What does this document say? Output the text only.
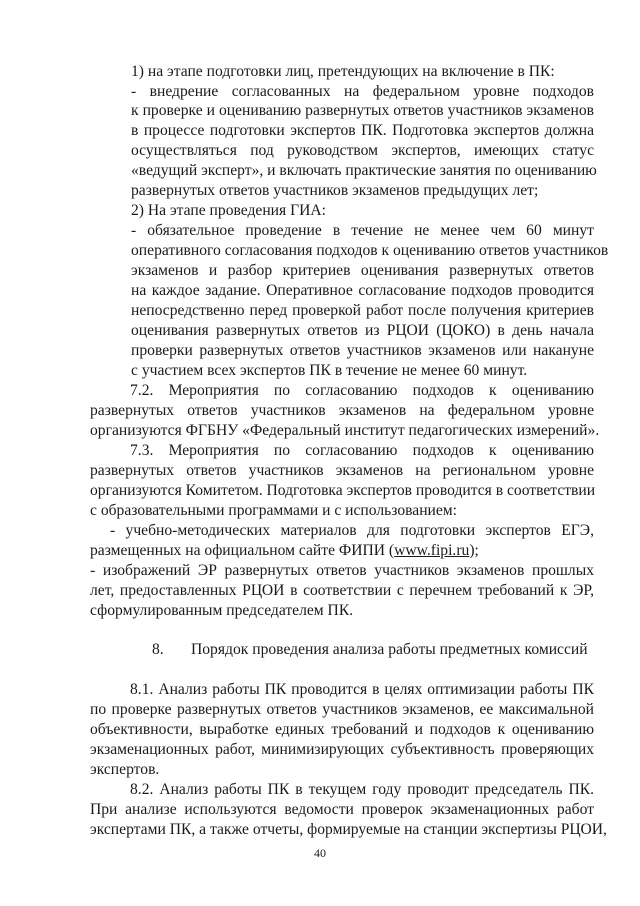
1) на этапе подготовки лиц, претендующих на включение в ПК:
- внедрение согласованных на федеральном уровне подходов
к проверке и оцениванию развернутых ответов участников экзаменов
в процессе подготовки экспертов ПК. Подготовка экспертов должна
осуществляться под руководством экспертов, имеющих статус
«ведущий эксперт», и включать практические занятия по оцениванию
развернутых ответов участников экзаменов предыдущих лет;
2) На этапе проведения ГИА:
- обязательное проведение в течение не менее чем 60 минут
оперативного согласования подходов к оцениванию ответов участников
экзаменов и разбор критериев оценивания развернутых ответов
на каждое задание. Оперативное согласование подходов проводится
непосредственно перед проверкой работ после получения критериев
оценивания развернутых ответов из РЦОИ (ЦОКО) в день начала
проверки развернутых ответов участников экзаменов или накануне
с участием всех экспертов ПК в течение не менее 60 минут.
7.2. Мероприятия по согласованию подходов к оцениванию
развернутых ответов участников экзаменов на федеральном уровне
организуются ФГБНУ «Федеральный институт педагогических измерений».
7.3. Мероприятия по согласованию подходов к оцениванию
развернутых ответов участников экзаменов на региональном уровне
организуются Комитетом. Подготовка экспертов проводится в соответствии
с образовательными программами и с использованием:
- учебно-методических материалов для подготовки экспертов ЕГЭ,
размещенных на официальном сайте ФИПИ (www.fipi.ru);
- изображений ЭР развернутых ответов участников экзаменов прошлых
лет, предоставленных РЦОИ в соответствии с перечнем требований к ЭР,
сформулированным председателем ПК.
8. Порядок проведения анализа работы предметных комиссий
8.1. Анализ работы ПК проводится в целях оптимизации работы ПК
по проверке развернутых ответов участников экзаменов, ее максимальной
объективности, выработке единых требований и подходов к оцениванию
экзаменационных работ, минимизирующих субъективность проверяющих
экспертов.
8.2. Анализ работы ПК в текущем году проводит председатель ПК.
При анализе используются ведомости проверок экзаменационных работ
экспертами ПК, а также отчеты, формируемые на станции экспертизы РЦОИ,
40
